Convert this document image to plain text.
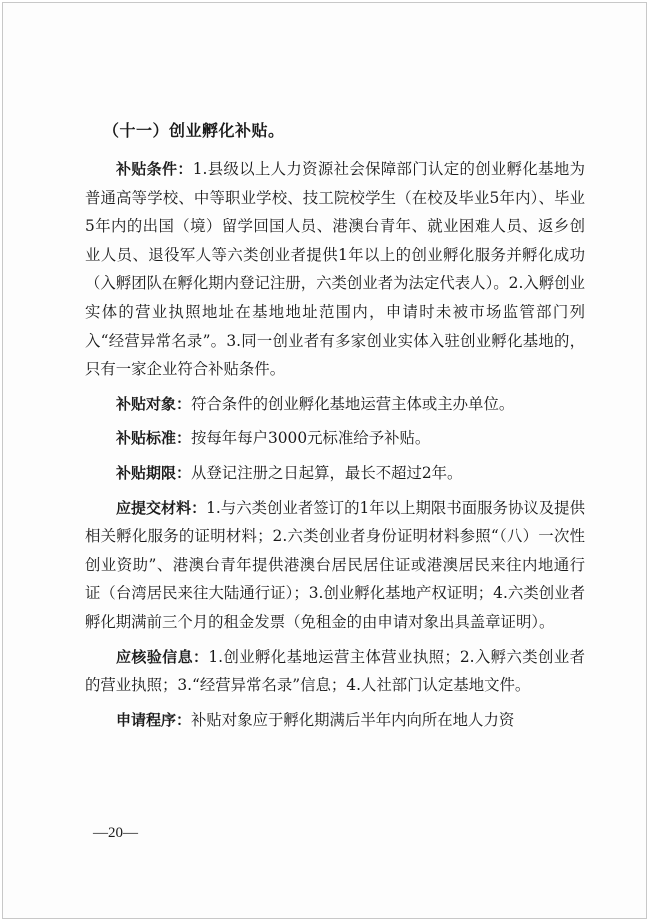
（十一）创业孵化补贴。

补贴条件：1.县级以上人力资源社会保障部门认定的创业孵化基地为普通高等学校、中等职业学校、技工院校学生（在校及毕业5年内）、毕业5年内的出国（境）留学回国人员、港澳台青年、就业困难人员、返乡创业人员、退役军人等六类创业者提供1年以上的创业孵化服务并孵化成功（入孵团队在孵化期内登记注册，六类创业者为法定代表人）。2.入孵创业实体的营业执照地址在基地地址范围内，申请时未被市场监管部门列入“经营异常名录”。3.同一创业者有多家创业实体入驻创业孵化基地的，只有一家企业符合补贴条件。

补贴对象：符合条件的创业孵化基地运营主体或主办单位。

补贴标准：按每年每户3000元标准给予补贴。

补贴期限：从登记注册之日起算，最长不超过2年。

应提交材料：1.与六类创业者签订的1年以上期限书面服务协议及提供相关孵化服务的证明材料；2.六类创业者身份证明材料参照“（八）一次性创业资助”、港澳台青年提供港澳台居民居住证或港澳居民来往内地通行证（台湾居民来往大陆通行证）；3.创业孵化基地产权证明；4.六类创业者孵化期满前三个月的租金发票（免租金的由申请对象出具盖章证明）。

应核验信息：1.创业孵化基地运营主体营业执照；2.入孵六类创业者的营业执照；3.“经营异常名录”信息；4.人社部门认定基地文件。

申请程序：补贴对象应于孵化期满后半年内向所在地人力资

—20—
